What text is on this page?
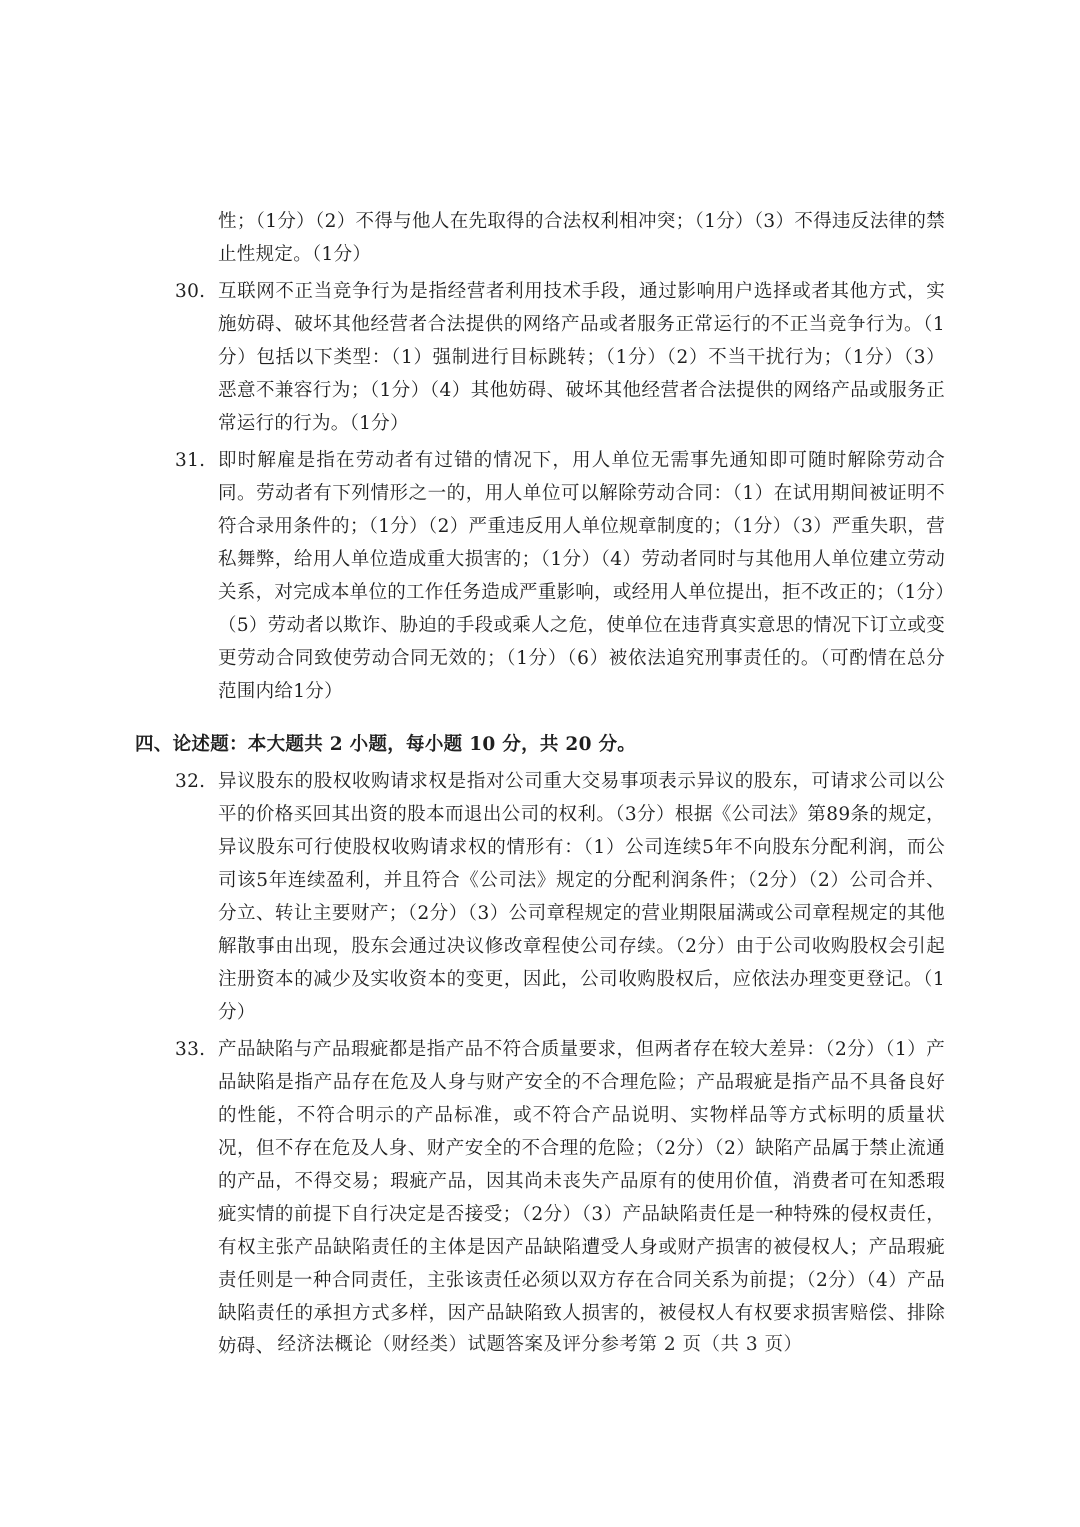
性；（1分）（2）不得与他人在先取得的合法权利相冲突；（1分）（3）不得违反法律的禁止性规定。（1分）
30. 互联网不正当竞争行为是指经营者利用技术手段，通过影响用户选择或者其他方式，实施妨碍、破坏其他经营者合法提供的网络产品或者服务正常运行的不正当竞争行为。（1分）包括以下类型：（1）强制进行目标跳转；（1分）（2）不当干扰行为；（1分）（3）恶意不兼容行为；（1分）（4）其他妨碍、破坏其他经营者合法提供的网络产品或服务正常运行的行为。（1分）
31. 即时解雇是指在劳动者有过错的情况下，用人单位无需事先通知即可随时解除劳动合同。劳动者有下列情形之一的，用人单位可以解除劳动合同：（1）在试用期间被证明不符合录用条件的；（1分）（2）严重违反用人单位规章制度的；（1分）（3）严重失职，营私舞弊，给用人单位造成重大损害的；（1分）（4）劳动者同时与其他用人单位建立劳动关系，对完成本单位的工作任务造成严重影响，或经用人单位提出，拒不改正的；（1分）（5）劳动者以欺诈、胁迫的手段或乘人之危，使单位在违背真实意思的情况下订立或变更劳动合同致使劳动合同无效的；（1分）（6）被依法追究刑事责任的。（可酌情在总分范围内给1分）
四、论述题：本大题共 2 小题，每小题 10 分，共 20 分。
32. 异议股东的股权收购请求权是指对公司重大交易事项表示异议的股东，可请求公司以公平的价格买回其出资的股本而退出公司的权利。（3分）根据《公司法》第89条的规定，异议股东可行使股权收购请求权的情形有：（1）公司连续5年不向股东分配利润，而公司该5年连续盈利，并且符合《公司法》规定的分配利润条件；（2分）（2）公司合并、分立、转让主要财产；（2分）（3）公司章程规定的营业期限届满或公司章程规定的其他解散事由出现，股东会通过决议修改章程使公司存续。（2分）由于公司收购股权会引起注册资本的减少及实收资本的变更，因此，公司收购股权后，应依法办理变更登记。（1分）
33. 产品缺陷与产品瑕疵都是指产品不符合质量要求，但两者存在较大差异：（2分）（1）产品缺陷是指产品存在危及人身与财产安全的不合理危险；产品瑕疵是指产品不具备良好的性能，不符合明示的产品标准，或不符合产品说明、实物样品等方式标明的质量状况，但不存在危及人身、财产安全的不合理的危险；（2分）（2）缺陷产品属于禁止流通的产品，不得交易；瑕疵产品，因其尚未丧失产品原有的使用价值，消费者可在知悉瑕疵实情的前提下自行决定是否接受；（2分）（3）产品缺陷责任是一种特殊的侵权责任，有权主张产品缺陷责任的主体是因产品缺陷遭受人身或财产损害的被侵权人；产品瑕疵责任则是一种合同责任，主张该责任必须以双方存在合同关系为前提；（2分）（4）产品缺陷责任的承担方式多样，因产品缺陷致人损害的，被侵权人有权要求损害赔偿、排除妨碍、 经济法概论（财经类）试题答案及评分参考第 2 页（共 3 页）
